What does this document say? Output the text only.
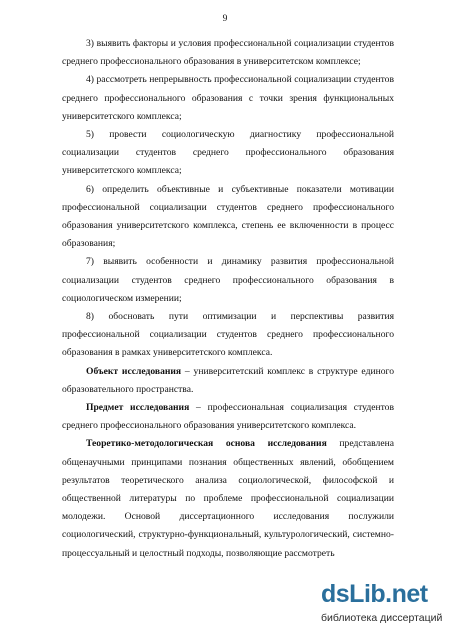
9

3) выявить факторы и условия профессиональной социализации студентов среднего профессионального образования в университетском комплексе;

4) рассмотреть непрерывность профессиональной социализации студентов среднего профессионального образования с точки зрения функциональных университетского комплекса;

5) провести социологическую диагностику профессиональной социализации студентов среднего профессионального образования университетского комплекса;

6) определить объективные и субъективные показатели мотивации профессиональной социализации студентов среднего профессионального образования университетского комплекса, степень ее включенности в процесс образования;

7) выявить особенности и динамику развития профессиональной социализации студентов среднего профессионального образования в социологическом измерении;

8) обосновать пути оптимизации и перспективы развития профессиональной социализации студентов среднего профессионального образования в рамках университетского комплекса.

Объект исследования – университетский комплекс в структуре единого образовательного пространства.

Предмет исследования – профессиональная социализация студентов среднего профессионального образования университетского комплекса.

Теоретико-методологическая основа исследования представлена общенаучными принципами познания общественных явлений, обобщением результатов теоретического анализа социологической, философской и общественной литературы по проблеме профессиональной социализации молодежи. Основой диссертационного исследования послужили социологический, структурно-функциональный, культурологический, системно-процессуальный и целостный подходы, позволяющие рассмотреть

dsLib.net
библиотека диссертаций
